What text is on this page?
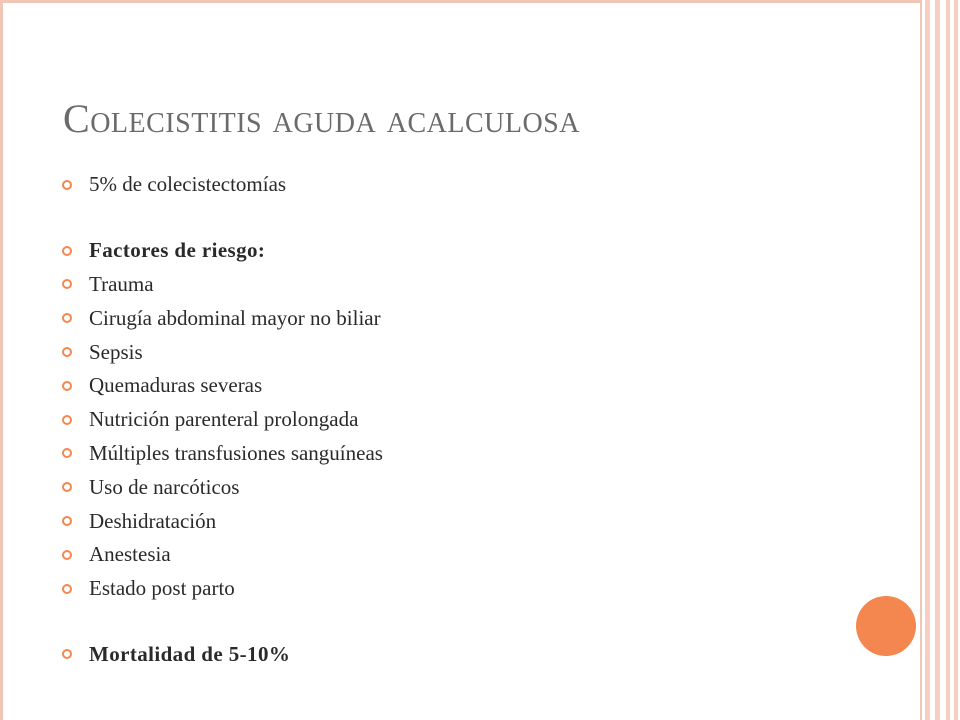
Colecistitis aguda acalculosa
5% de colecistectomías
Factores de riesgo:
Trauma
Cirugía abdominal mayor no biliar
Sepsis
Quemaduras severas
Nutrición parenteral prolongada
Múltiples transfusiones sanguíneas
Uso de narcóticos
Deshidratación
Anestesia
Estado post parto
Mortalidad de 5-10%
